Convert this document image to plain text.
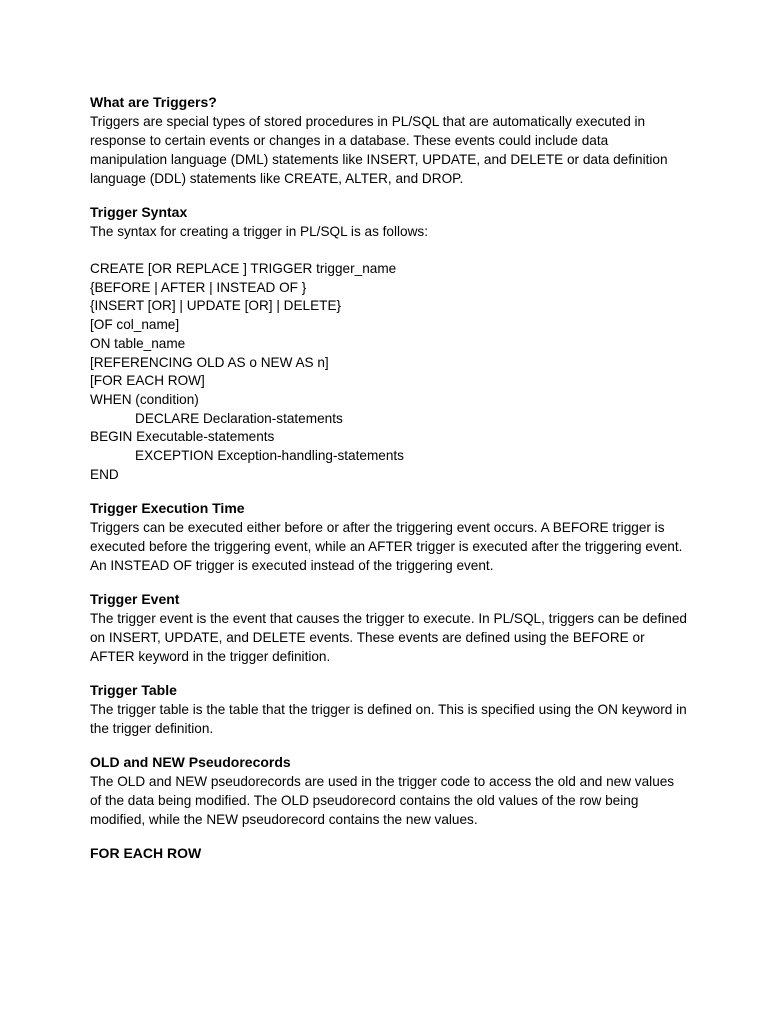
What are Triggers?

Triggers are special types of stored procedures in PL/SQL that are automatically executed in response to certain events or changes in a database. These events could include data manipulation language (DML) statements like INSERT, UPDATE, and DELETE or data definition language (DDL) statements like CREATE, ALTER, and DROP.

Trigger Syntax

The syntax for creating a trigger in PL/SQL is as follows:

CREATE [OR REPLACE ] TRIGGER trigger_name

{BEFORE | AFTER | INSTEAD OF }

{INSERT [OR] | UPDATE [OR] | DELETE}

[OF col_name]

ON table_name

[REFERENCING OLD AS o NEW AS n]

[FOR EACH ROW]

WHEN (condition)

DECLARE Declaration-statements

BEGIN Executable-statements

EXCEPTION Exception-handling-statements

END

Trigger Execution Time

Triggers can be executed either before or after the triggering event occurs. A BEFORE trigger is executed before the triggering event, while an AFTER trigger is executed after the triggering event. An INSTEAD OF trigger is executed instead of the triggering event.

Trigger Event

The trigger event is the event that causes the trigger to execute. In PL/SQL, triggers can be defined on INSERT, UPDATE, and DELETE events. These events are defined using the BEFORE or AFTER keyword in the trigger definition.

Trigger Table

The trigger table is the table that the trigger is defined on. This is specified using the ON keyword in the trigger definition.

OLD and NEW Pseudorecords

The OLD and NEW pseudorecords are used in the trigger code to access the old and new values of the data being modified. The OLD pseudorecord contains the old values of the row being modified, while the NEW pseudorecord contains the new values.

FOR EACH ROW
